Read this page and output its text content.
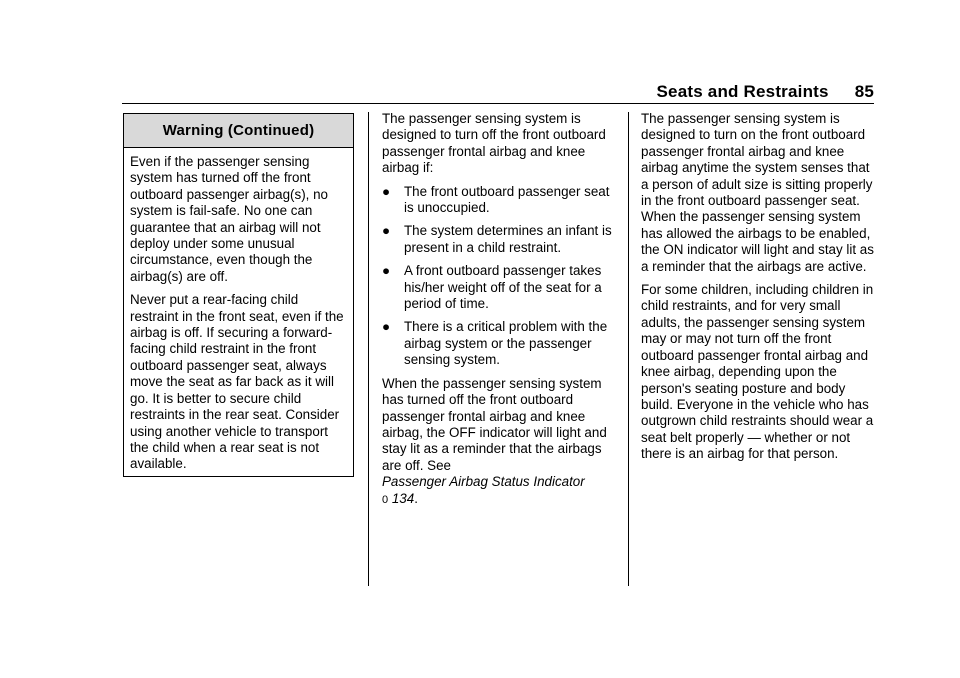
Seats and Restraints 85
Warning (Continued)

Even if the passenger sensing system has turned off the front outboard passenger airbag(s), no system is fail-safe. No one can guarantee that an airbag will not deploy under some unusual circumstance, even though the airbag(s) are off.

Never put a rear-facing child restraint in the front seat, even if the airbag is off. If securing a forward-facing child restraint in the front outboard passenger seat, always move the seat as far back as it will go. It is better to secure child restraints in the rear seat. Consider using another vehicle to transport the child when a rear seat is not available.

The passenger sensing system is designed to turn off the front outboard passenger frontal airbag and knee airbag if:

● The front outboard passenger seat is unoccupied.
● The system determines an infant is present in a child restraint.
● A front outboard passenger takes his/her weight off of the seat for a period of time.
● There is a critical problem with the airbag system or the passenger sensing system.

When the passenger sensing system has turned off the front outboard passenger frontal airbag and knee airbag, the OFF indicator will light and stay lit as a reminder that the airbags are off. See
Passenger Airbag Status Indicator
0 134.

The passenger sensing system is designed to turn on the front outboard passenger frontal airbag and knee airbag anytime the system senses that a person of adult size is sitting properly in the front outboard passenger seat. When the passenger sensing system has allowed the airbags to be enabled, the ON indicator will light and stay lit as a reminder that the airbags are active.

For some children, including children in child restraints, and for very small adults, the passenger sensing system may or may not turn off the front outboard passenger frontal airbag and knee airbag, depending upon the person's seating posture and body build. Everyone in the vehicle who has outgrown child restraints should wear a seat belt properly — whether or not there is an airbag for that person.
